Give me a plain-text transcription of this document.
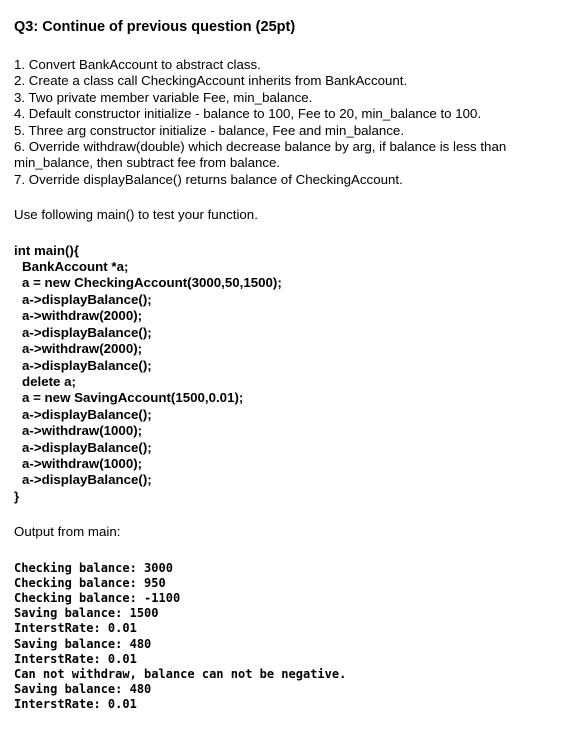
Q3: Continue of previous question (25pt)
1. Convert BankAccount to abstract class.
2. Create a class call CheckingAccount inherits from BankAccount.
3. Two private member variable Fee, min_balance.
4. Default constructor initialize - balance to 100, Fee to 20, min_balance to 100.
5. Three arg constructor initialize - balance, Fee and min_balance.
6. Override withdraw(double) which decrease balance by arg, if balance is less than min_balance, then subtract fee from balance.
7. Override displayBalance() returns balance of CheckingAccount.

Use following main() to test your function.

int main(){
BankAccount *a;
a = new CheckingAccount(3000,50,1500);
a->displayBalance();
a->withdraw(2000);
a->displayBalance();
a->withdraw(2000);
a->displayBalance();
delete a;
a = new SavingAccount(1500,0.01);
a->displayBalance();
a->withdraw(1000);
a->displayBalance();
a->withdraw(1000);
a->displayBalance();
}

Output from main:

Checking balance: 3000
Checking balance: 950
Checking balance: -1100
Saving balance: 1500
InterstRate: 0.01
Saving balance: 480
InterstRate: 0.01
Can not withdraw, balance can not be negative.
Saving balance: 480
InterstRate: 0.01
